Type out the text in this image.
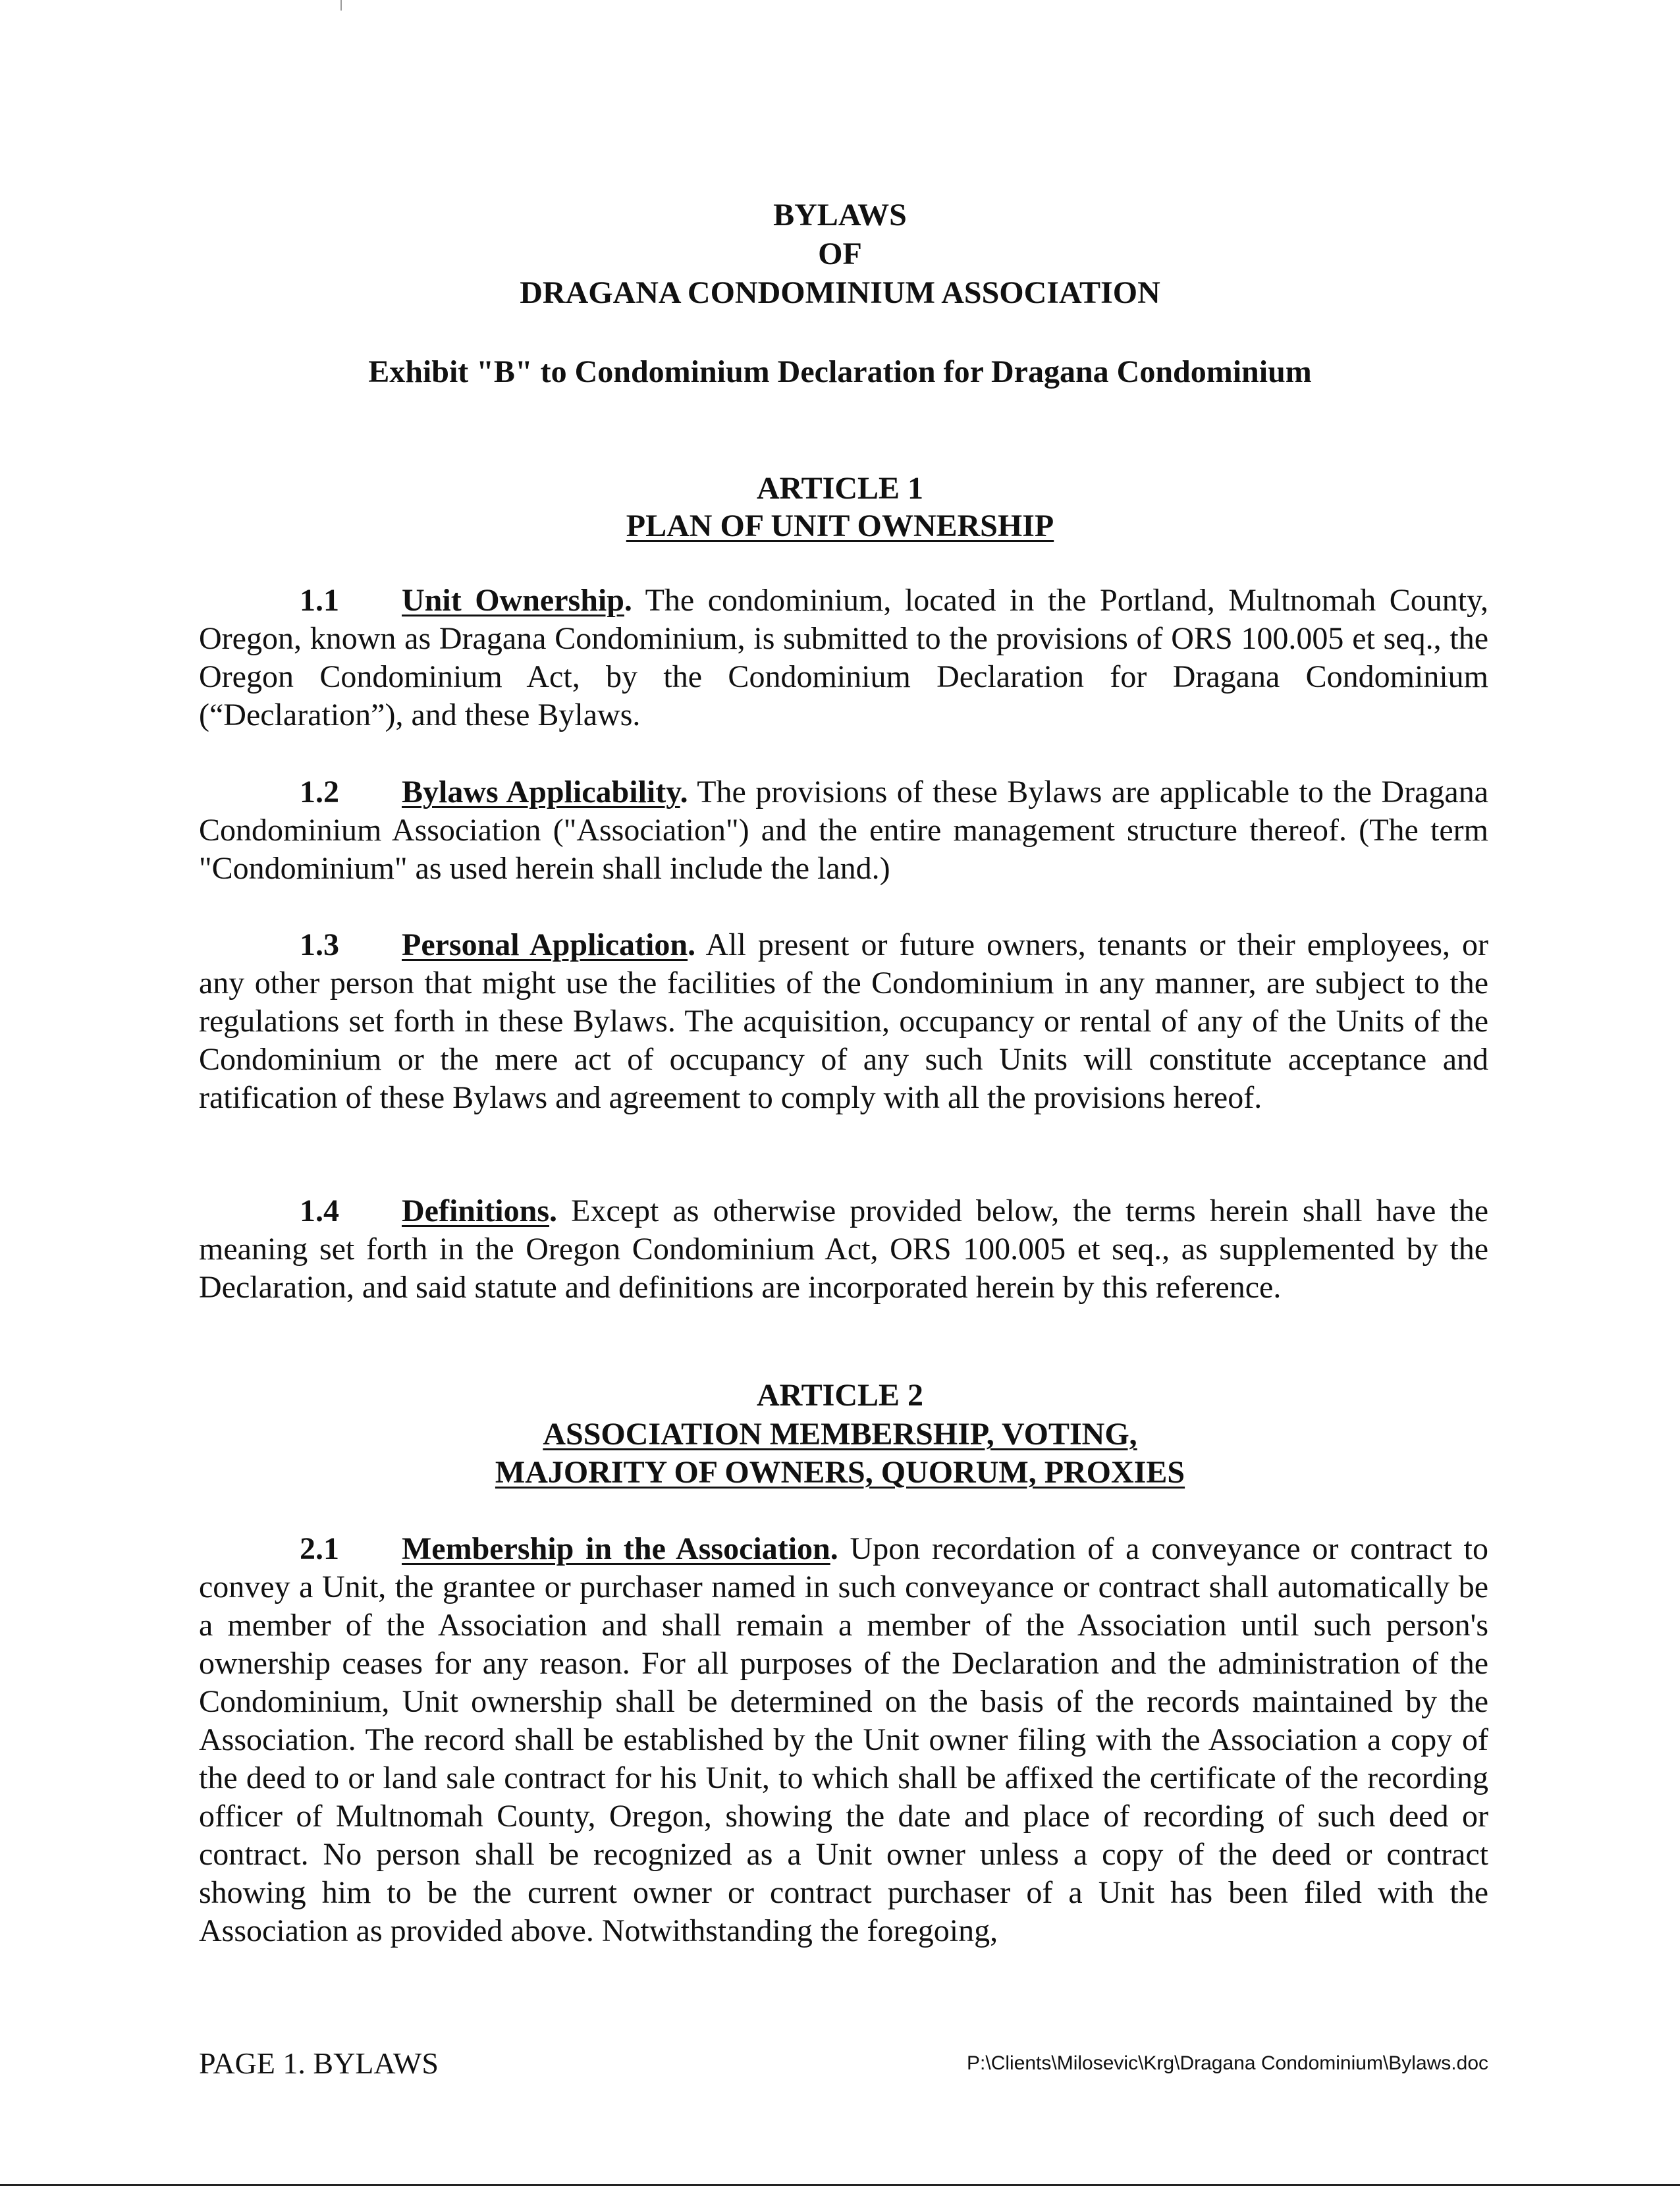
BYLAWS
OF
DRAGANA CONDOMINIUM ASSOCIATION
Exhibit "B" to Condominium Declaration for Dragana Condominium
ARTICLE 1
PLAN OF UNIT OWNERSHIP
1.1 Unit Ownership. The condominium, located in the Portland, Multnomah County, Oregon, known as Dragana Condominium, is submitted to the provisions of ORS 100.005 et seq., the Oregon Condominium Act, by the Condominium Declaration for Dragana Condominium (“Declaration”), and these Bylaws.
1.2 Bylaws Applicability. The provisions of these Bylaws are applicable to the Dragana Condominium Association ("Association") and the entire management structure thereof. (The term "Condominium" as used herein shall include the land.)
1.3 Personal Application. All present or future owners, tenants or their employees, or any other person that might use the facilities of the Condominium in any manner, are subject to the regulations set forth in these Bylaws. The acquisition, occupancy or rental of any of the Units of the Condominium or the mere act of occupancy of any such Units will constitute acceptance and ratification of these Bylaws and agreement to comply with all the provisions hereof.
1.4 Definitions. Except as otherwise provided below, the terms herein shall have the meaning set forth in the Oregon Condominium Act, ORS 100.005 et seq., as supplemented by the Declaration, and said statute and definitions are incorporated herein by this reference.
ARTICLE 2
ASSOCIATION MEMBERSHIP, VOTING,
MAJORITY OF OWNERS, QUORUM, PROXIES
2.1 Membership in the Association. Upon recordation of a conveyance or contract to convey a Unit, the grantee or purchaser named in such conveyance or contract shall automatically be a member of the Association and shall remain a member of the Association until such person's ownership ceases for any reason. For all purposes of the Declaration and the administration of the Condominium, Unit ownership shall be determined on the basis of the records maintained by the Association. The record shall be established by the Unit owner filing with the Association a copy of the deed to or land sale contract for his Unit, to which shall be affixed the certificate of the recording officer of Multnomah County, Oregon, showing the date and place of recording of such deed or contract. No person shall be recognized as a Unit owner unless a copy of the deed or contract showing him to be the current owner or contract purchaser of a Unit has been filed with the Association as provided above. Notwithstanding the foregoing,
PAGE 1. BYLAWS	P:\Clients\Milosevic\Krg\Dragana Condominium\Bylaws.doc
